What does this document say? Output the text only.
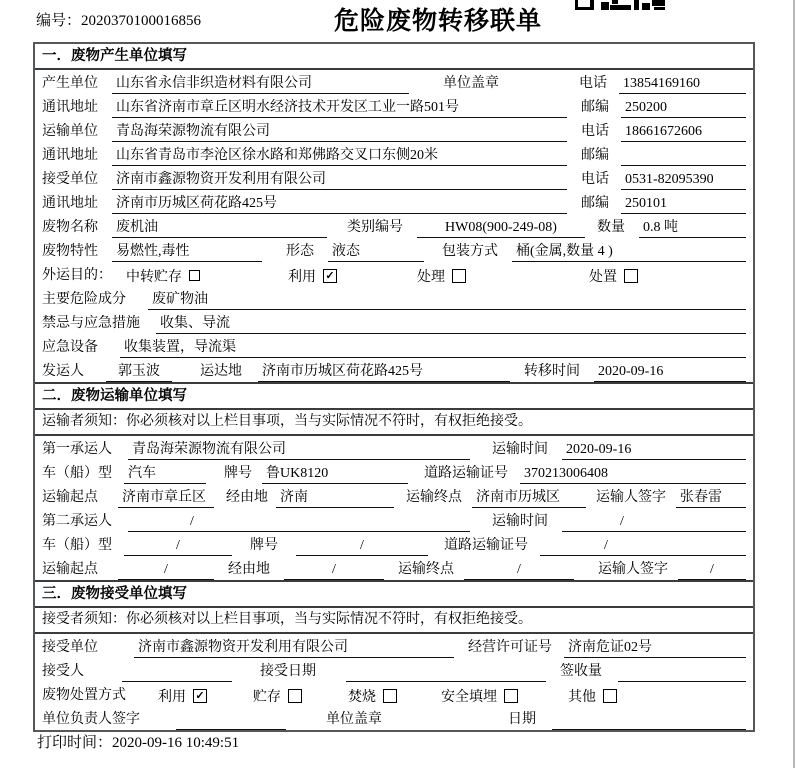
编号：2020370100016856	危险废物转移联单
一．废物产生单位填写
产生单位 山东省永信非织造材料有限公司	单位盖章	电话 13854169160
通讯地址 山东省济南市章丘区明水经济技术开发区工业一路501号	邮编 250200
运输单位 青岛海荣源物流有限公司	电话 18661672606
通讯地址 山东省青岛市李沧区徐水路和郑佛路交叉口东侧20米	邮编
接受单位 济南市鑫源物资开发利用有限公司	电话 0531-82095390
通讯地址 济南市历城区荷花路425号	邮编 250101
废物名称 废机油	类别编号	HW08(900-249-08)	数量 0.8 吨
废物特性 易燃性,毒性	形态 液态	包装方式 桶(金属,数量 4 )
外运目的： 中转贮存	利用 ✓	处理	处置
主要危险成分 废矿物油
禁忌与应急措施 收集、导流
应急设备 收集装置，导流渠
发运人	郭玉波	运达地 济南市历城区荷花路425号	转移时间 2020-09-16
二．废物运输单位填写
运输者须知：你必须核对以上栏目事项，当与实际情况不符时，有权拒绝接受。
第一承运人 青岛海荣源物流有限公司	运输时间 2020-09-16
车（船）型 汽车	牌号 鲁UK8120	道路运输证号 370213006408
运输起点 济南市章丘区	经由地 济南	运输终点 济南市历城区	运输人签字 张春雷
第二承运人	/	运输时间	/
车（船）型	/	牌号	/	道路运输证号	/
运输起点	/	经由地	/	运输终点	/	运输人签字	/
三．废物接受单位填写
接受者须知：你必须核对以上栏目事项，当与实际情况不符时，有权拒绝接受。
接受单位	济南市鑫源物资开发利用有限公司	经营许可证号 济南危证02号
接受人	接受日期	签收量
废物处置方式 利用 ✓	贮存	焚烧	安全填埋	其他
单位负责人签字	单位盖章	日期
打印时间：2020-09-16 10:49:51
